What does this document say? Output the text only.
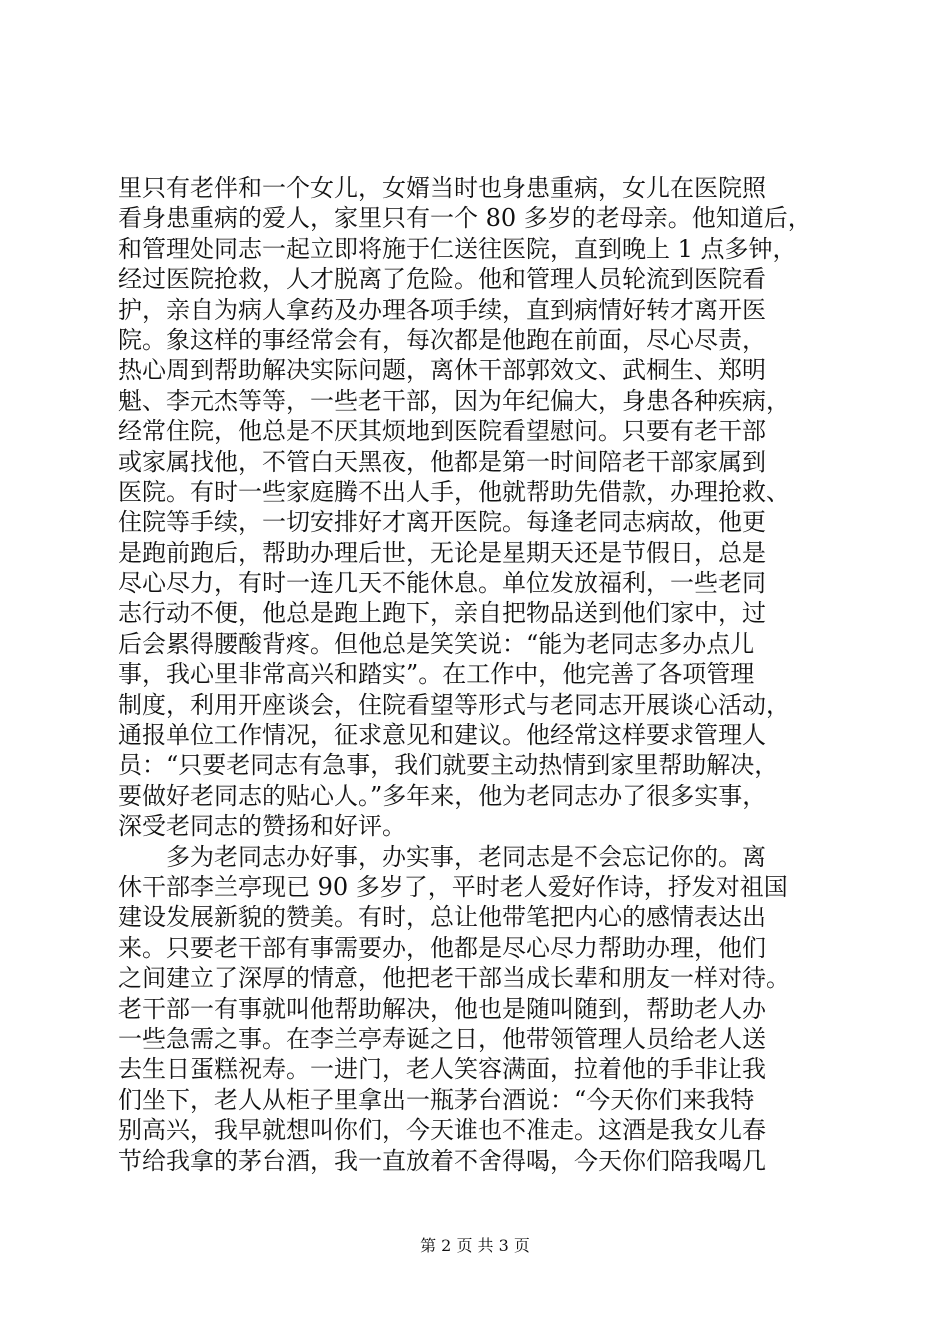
里只有老伴和一个女儿，女婿当时也身患重病，女儿在医院照
看身患重病的爱人，家里只有一个 80 多岁的老母亲。他知道后，
和管理处同志一起立即将施于仁送往医院，直到晚上 1 点多钟，
经过医院抢救，人才脱离了危险。他和管理人员轮流到医院看
护，亲自为病人拿药及办理各项手续，直到病情好转才离开医
院。象这样的事经常会有，每次都是他跑在前面，尽心尽责，
热心周到帮助解决实际问题，离休干部郭效文、武桐生、郑明
魁、李元杰等等，一些老干部，因为年纪偏大，身患各种疾病，
经常住院，他总是不厌其烦地到医院看望慰问。只要有老干部
或家属找他，不管白天黑夜，他都是第一时间陪老干部家属到
医院。有时一些家庭腾不出人手，他就帮助先借款，办理抢救、
住院等手续，一切安排好才离开医院。每逢老同志病故，他更
是跑前跑后，帮助办理后世，无论是星期天还是节假日，总是
尽心尽力，有时一连几天不能休息。单位发放福利，一些老同
志行动不便，他总是跑上跑下，亲自把物品送到他们家中，过
后会累得腰酸背疼。但他总是笑笑说：“能为老同志多办点儿
事，我心里非常高兴和踏实”。在工作中，他完善了各项管理
制度，利用开座谈会，住院看望等形式与老同志开展谈心活动，
通报单位工作情况，征求意见和建议。他经常这样要求管理人
员：“只要老同志有急事，我们就要主动热情到家里帮助解决，
要做好老同志的贴心人。”多年来，他为老同志办了很多实事，
深受老同志的赞扬和好评。
　　多为老同志办好事，办实事，老同志是不会忘记你的。离
休干部李兰亭现已 90 多岁了，平时老人爱好作诗，抒发对祖国
建设发展新貌的赞美。有时，总让他带笔把内心的感情表达出
来。只要老干部有事需要办，他都是尽心尽力帮助办理，他们
之间建立了深厚的情意，他把老干部当成长辈和朋友一样对待。
老干部一有事就叫他帮助解决，他也是随叫随到，帮助老人办
一些急需之事。在李兰亭寿诞之日，他带领管理人员给老人送
去生日蛋糕祝寿。一进门，老人笑容满面，拉着他的手非让我
们坐下，老人从柜子里拿出一瓶茅台酒说：“今天你们来我特
别高兴，我早就想叫你们，今天谁也不准走。这酒是我女儿春
节给我拿的茅台酒，我一直放着不舍得喝，今天你们陪我喝几
第 2 页 共 3 页
